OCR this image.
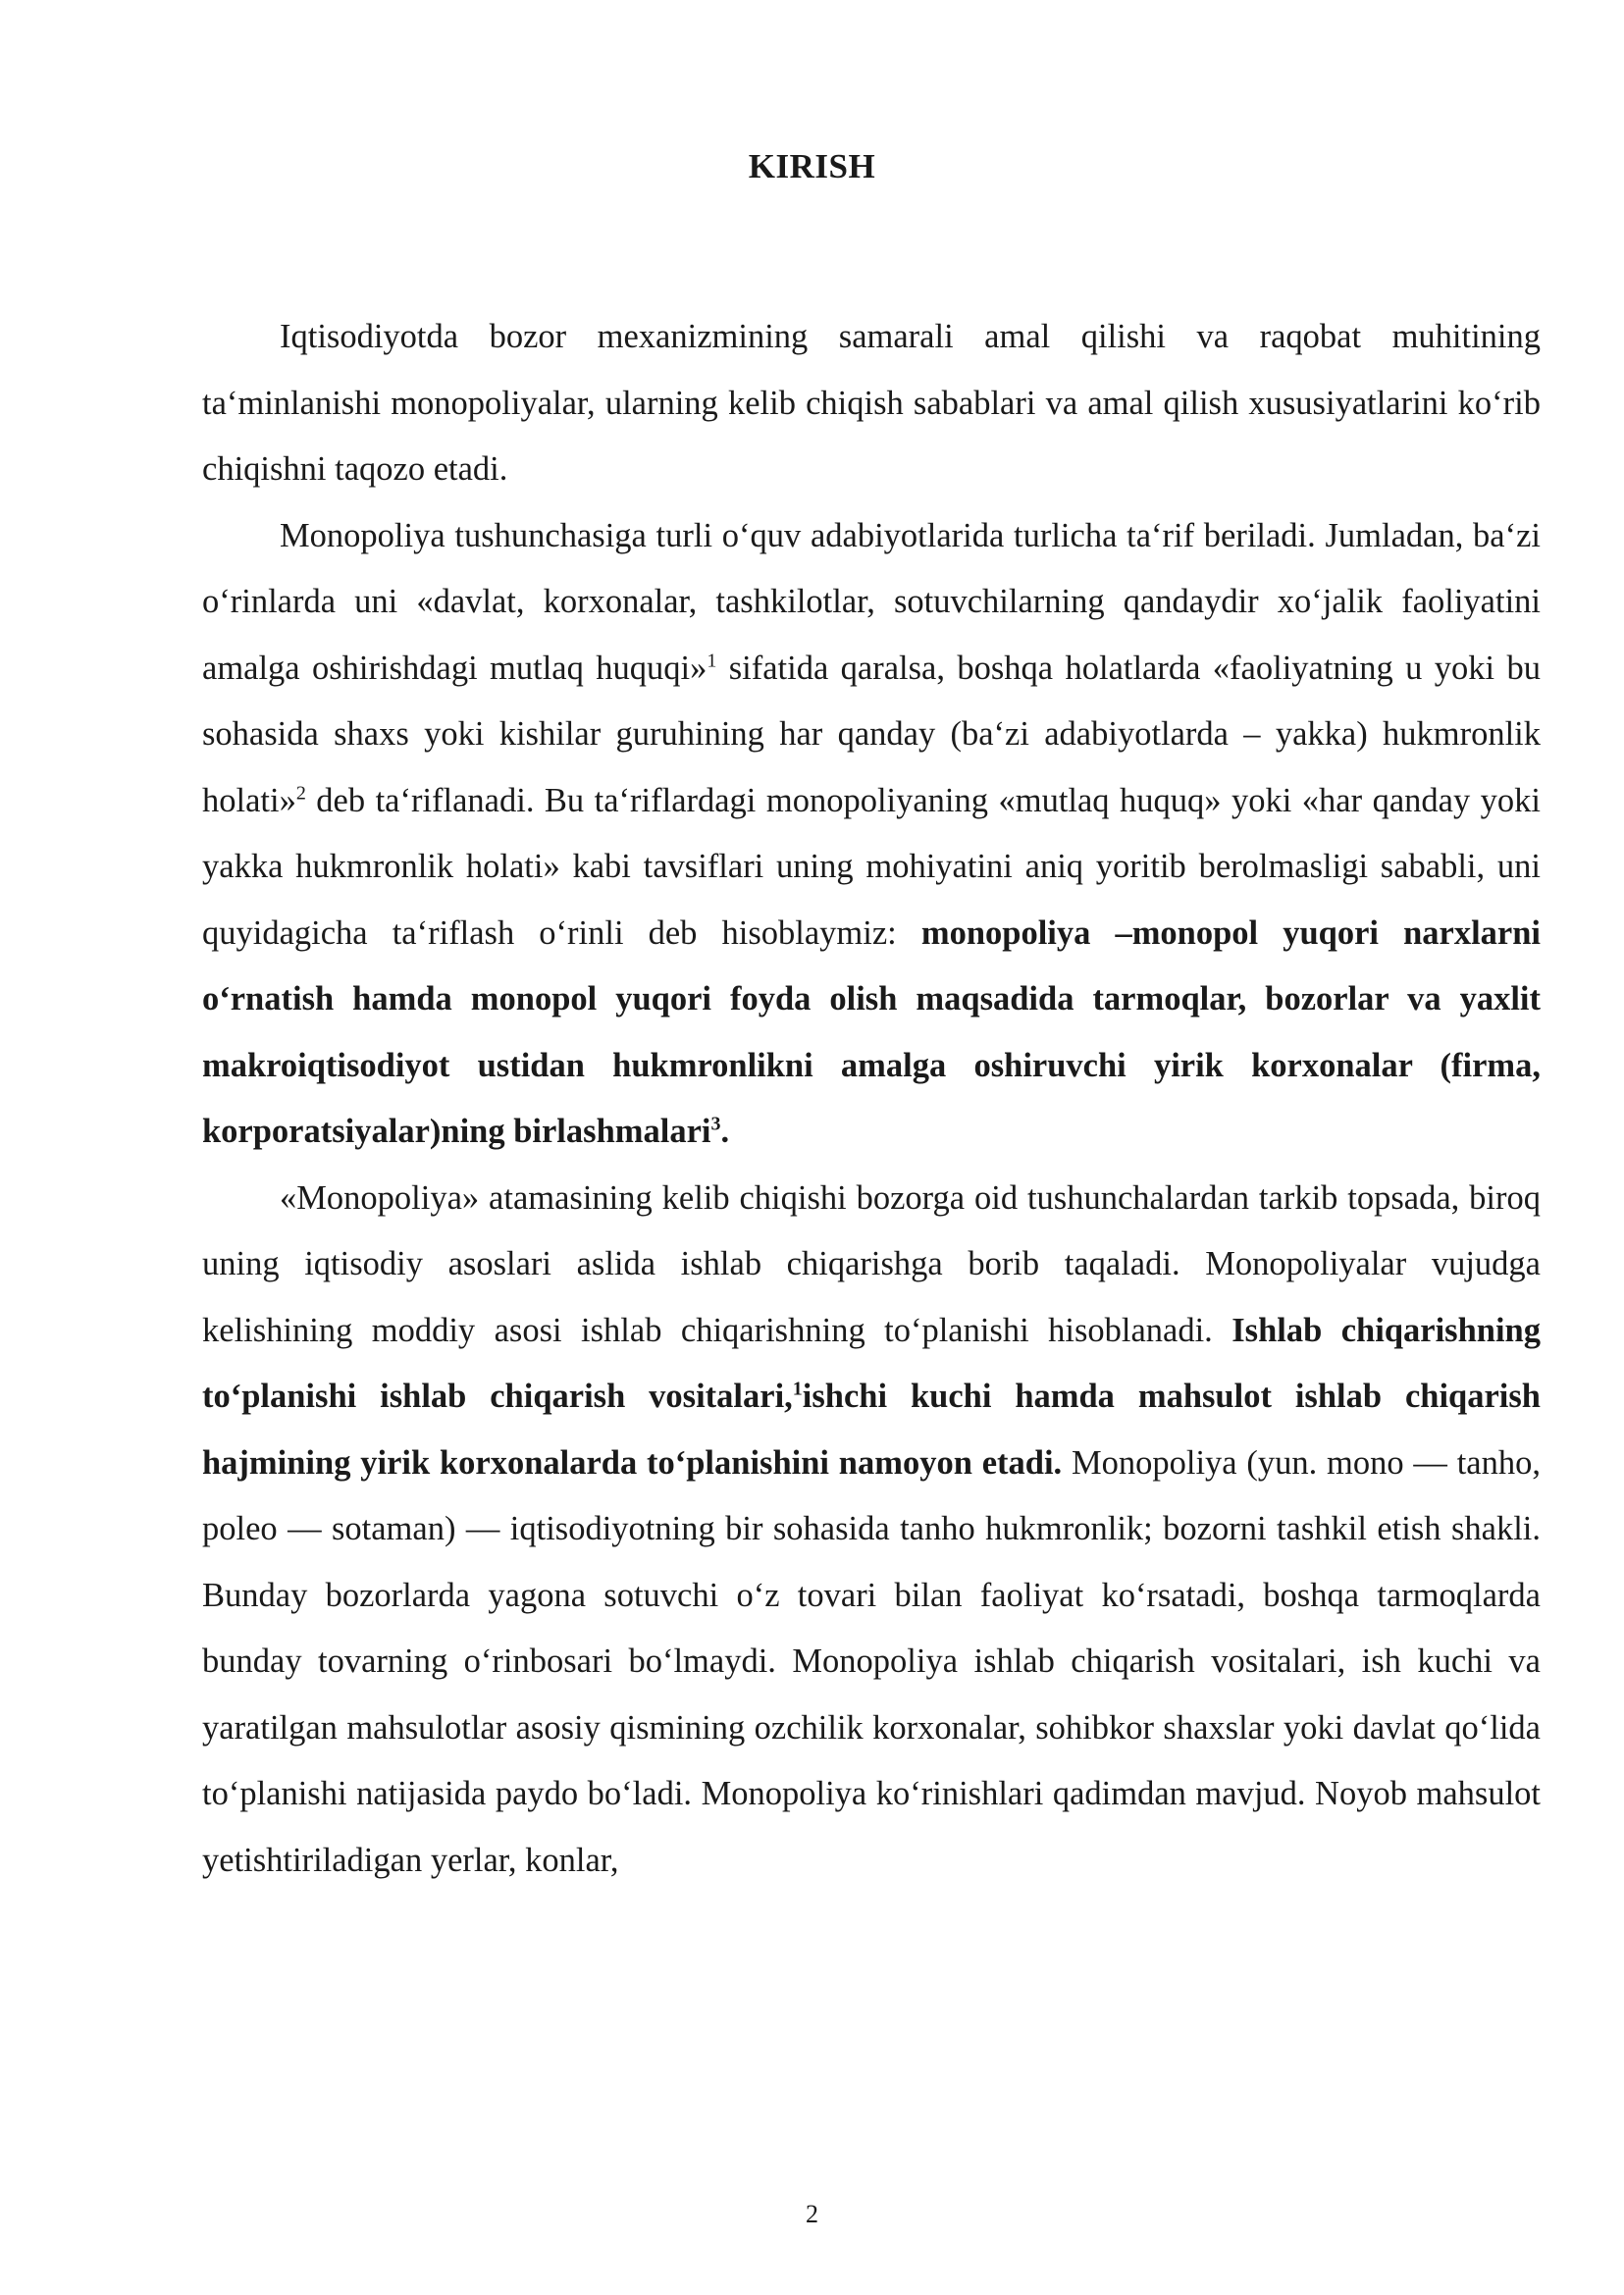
KIRISH

Iqtisodiyotda bozor mexanizmining samarali amal qilishi va raqobat muhitining ta‘minlanishi monopoliyalar, ularning kelib chiqish sabablari va amal qilish xususiyatlarini ko‘rib chiqishni taqozo etadi.

Monopoliya tushunchasiga turli o‘quv adabiyotlarida turlicha ta‘rif beriladi. Jumladan, ba‘zi o‘rinlarda uni «davlat, korxonalar, tashkilotlar, sotuvchilarning qandaydir xo‘jalik faoliyatini amalga oshirishdagi mutlaq huquqi»$^1$ sifatida qaralsa, boshqa holatlarda «faoliyatning u yoki bu sohasida shaxs yoki kishilar guruhining har qanday (ba‘zi adabiyotlarda – yakka) hukmronlik holati»$^2$ deb ta‘riflanadi. Bu ta‘riflardagi monopoliyaning «mutlaq huquq» yoki «har qanday yoki yakka hukmronlik holati» kabi tavsiflari uning mohiyatini aniq yoritib berolmasligi sababli, uni quyidagicha ta‘riflash o‘rinli deb hisoblaymiz: monopoliya –monopol yuqori narxlarni o‘rnatish hamda monopol yuqori foyda olish maqsadida tarmoqlar, bozorlar va yaxlit makroiqtisodiyot ustidan hukmronlikni amalga oshiruvchi yirik korxonalar (firma, korporatsiyalar)ning birlashmalari$^3$.

«Monopoliya» atamasining kelib chiqishi bozorga oid tushunchalardan tarkib topsada, biroq uning iqtisodiy asoslari aslida ishlab chiqarishga borib taqaladi. Monopoliyalar vujudga kelishining moddiy asosi ishlab chiqarishning to‘planishi hisoblanadi. Ishlab chiqarishning to‘planishi ishlab chiqarish vositalari,$^1$ishchi kuchi hamda mahsulot ishlab chiqarish hajmining yirik korxonalarda to‘planishini namoyon etadi. Monopoliya (yun. mono — tanho, poleo — sotaman) — iqtisodiyotning bir sohasida tanho hukmronlik; bozorni tashkil etish shakli. Bunday bozorlarda yagona sotuvchi o‘z tovari bilan faoliyat ko‘rsatadi, boshqa tarmoqlarda bunday tovarning o‘rinbosari bo‘lmaydi. Monopoliya ishlab chiqarish vositalari, ish kuchi va yaratilgan mahsulotlar asosiy qismining ozchilik korxonalar, sohibkor shaxslar yoki davlat qo‘lida to‘planishi natijasida paydo bo‘ladi. Monopoliya ko‘rinishlari qadimdan mavjud. Noyob mahsulot yetishtiriladigan yerlar, konlar,

2
